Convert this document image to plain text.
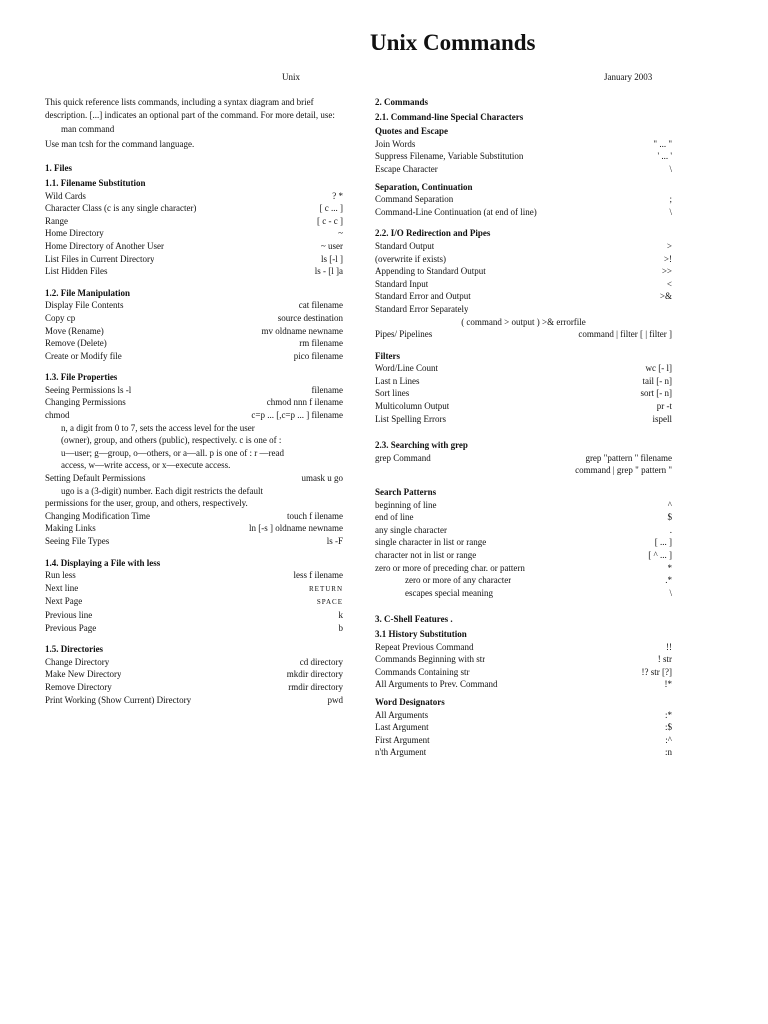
Unix Commands
Unix	January 2003
This quick reference lists commands, including a syntax diagram and brief description. [...] indicates an optional part of the command. For more detail, use:
man command
Use man tcsh for the command language.
1. Files
1.1. Filename Substitution
Wild Cards	? *
Character Class (c is any single character)	[ c ... ]
Range	[ c - c ]
Home Directory	~
Home Directory of Another User	~ user
List Files in Current Directory	ls [-l ]
List Hidden Files	ls - [l ]a
1.2. File Manipulation
Display File Contents	cat filename
Copy cp	source destination
Move (Rename)	mv oldname newname
Remove (Delete)	rm filename
Create or Modify file	pico filename
1.3. File Properties
Seeing Permissions ls -l	filename
Changing Permissions	chmod nnn f ilename
chmod	c=p ... [,c=p ... ] filename
n, a digit from 0 to 7, sets the access level for the user
(owner), group, and others (public), respectively. c is one of :
u—user; g—group, o—others, or a—all. p is one of : r —read
access, w—write access, or x—execute access.
Setting Default Permissions	umask u go
ugo is a (3-digit) number. Each digit restricts the default
permissions for the user, group, and others, respectively.
Changing Modification Time	touch f ilename
Making Links	ln [-s ] oldname newname
Seeing File Types	ls -F
1.4. Displaying a File with less
Run less	less f ilename
Next line	RETURN
Next Page	SPACE
Previous line	k
Previous Page	b
1.5. Directories
Change Directory	cd directory
Make New Directory	mkdir directory
Remove Directory	rmdir directory
Print Working (Show Current) Directory	pwd
2. Commands
2.1. Command-line Special Characters
Quotes and Escape
Join Words	" ... "
Suppress Filename, Variable Substitution	' ... '
Escape Character	\
Separation, Continuation
Command Separation	;
Command-Line Continuation (at end of line)	\
2.2. I/O Redirection and Pipes
Standard Output	>
(overwrite if exists)	>!
Appending to Standard Output	>>
Standard Input	<
Standard Error and Output	>&
Standard Error Separately
( command > output ) >& errorfile
Pipes/ Pipelines	command | filter [ | filter ]
Filters
Word/Line Count	wc [- l]
Last n Lines	tail [- n]
Sort lines	sort [- n]
Multicolumn Output	pr -t
List Spelling Errors	ispell
2.3. Searching with grep
grep Command	grep "pattern " filename
command | grep " pattern "
Search Patterns
beginning of line	^
end of line	$
any single character	.
single character in list or range	[ ... ]
character not in list or range	[ ^ ... ]
zero or more of preceding char. or pattern	*
zero or more of any character	.*
escapes special meaning	\
3. C-Shell Features .
3.1 History Substitution
Repeat Previous Command	!!
Commands Beginning with str	! str
Commands Containing str	!? str [?]
All Arguments to Prev. Command	!*
Word Designators
All Arguments	:*
Last Argument	:$
First Argument	:^
n'th Argument	:n
